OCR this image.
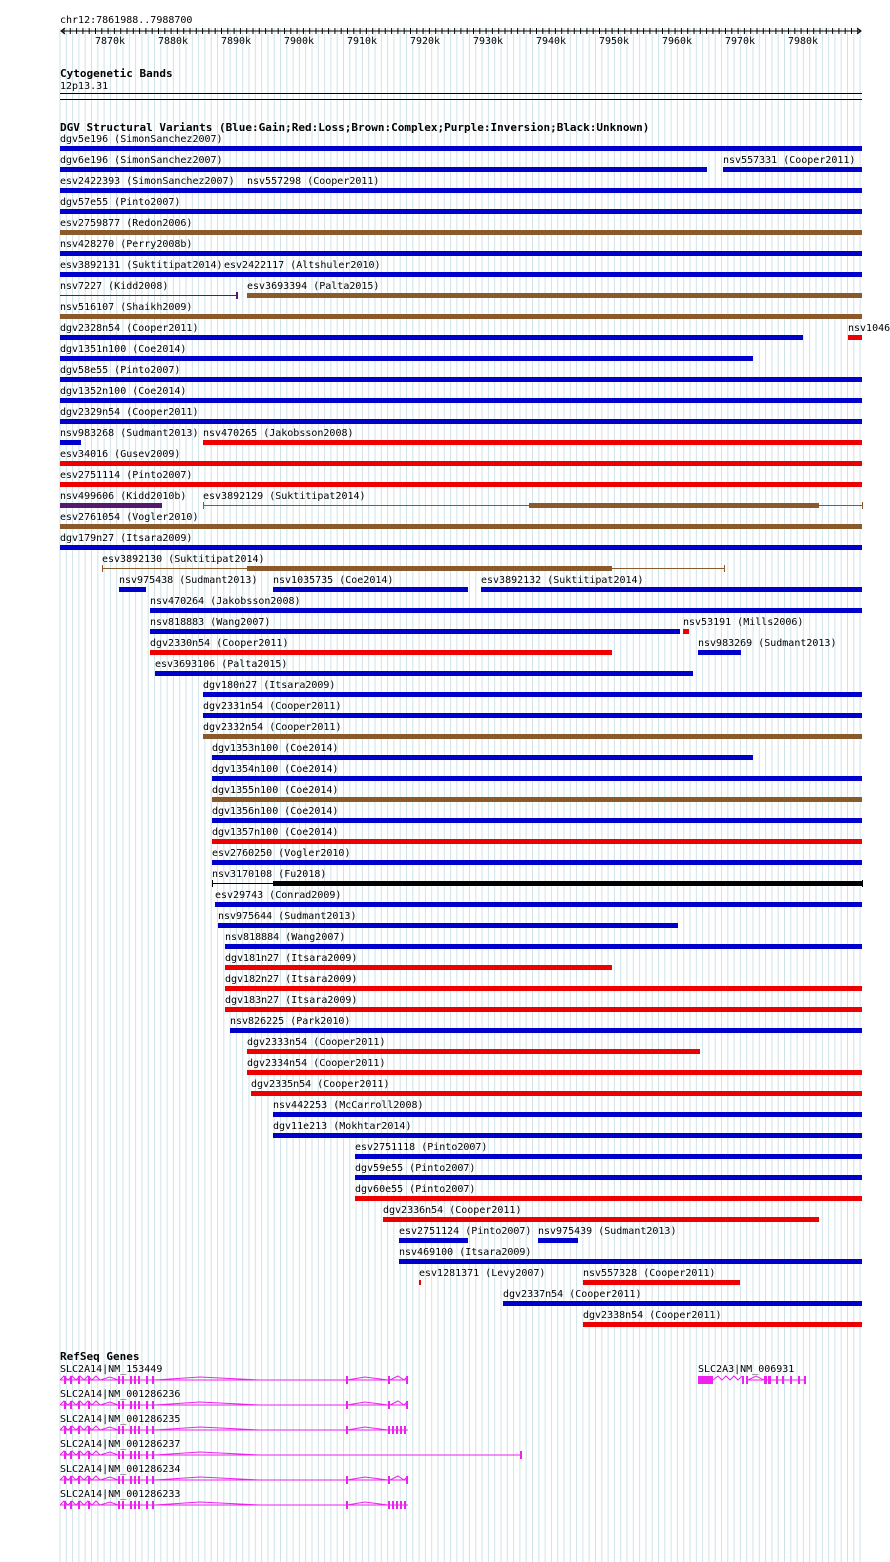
chr12:7861988..7988700
7870k	7880k	7890k	7900k	7910k	7920k	7930k	7940k	7950k	7960k	7970k	7980k
Cytogenetic Bands
12p13.31
DGV Structural Variants (Blue:Gain;Red:Loss;Brown:Complex;Purple:Inversion;Black:Unknown)
dgv5e196 (SimonSanchez2007)
dgv6e196 (SimonSanchez2007)	nsv557331 (Cooper2011)
esv2422393 (SimonSanchez2007) nsv557298 (Cooper2011)
dgv57e55 (Pinto2007)
esv2759877 (Redon2006)
nsv428270 (Perry2008b)
esv3892131 (Suktitipat2014) esv2422117 (Altshuler2010)
nsv7227 (Kidd2008)	esv3693394 (Palta2015)
nsv516107 (Shaikh2009)
dgv2328n54 (Cooper2011)	nsv1046
dgv1351n100 (Coe2014)
dgv58e55 (Pinto2007)
dgv1352n100 (Coe2014)
dgv2329n54 (Cooper2011)
nsv983268 (Sudmant2013) nsv470265 (Jakobsson2008)
esv34016 (Gusev2009)
esv2751114 (Pinto2007)
nsv499606 (Kidd2010b) esv3892129 (Suktitipat2014)
esv2761054 (Vogler2010)
dgv179n27 (Itsara2009)
esv3892130 (Suktitipat2014)
nsv975438 (Sudmant2013) nsv1035735 (Coe2014)	esv3892132 (Suktitipat2014)
nsv470264 (Jakobsson2008)
nsv818883 (Wang2007)	nsv53191 (Mills2006)
dgv2330n54 (Cooper2011)	nsv983269 (Sudmant2013)
esv3693106 (Palta2015)
dgv180n27 (Itsara2009)
dgv2331n54 (Cooper2011)
dgv2332n54 (Cooper2011)
dgv1353n100 (Coe2014)
dgv1354n100 (Coe2014)
dgv1355n100 (Coe2014)
dgv1356n100 (Coe2014)
dgv1357n100 (Coe2014)
esv2760250 (Vogler2010)
nsv3170108 (Fu2018)
esv29743 (Conrad2009)
nsv975644 (Sudmant2013)
nsv818884 (Wang2007)
dgv181n27 (Itsara2009)
dgv182n27 (Itsara2009)
dgv183n27 (Itsara2009)
nsv826225 (Park2010)
dgv2333n54 (Cooper2011)
dgv2334n54 (Cooper2011)
dgv2335n54 (Cooper2011)
nsv442253 (McCarroll2008)
dgv11e213 (Mokhtar2014)
esv2751118 (Pinto2007)
dgv59e55 (Pinto2007)
dgv60e55 (Pinto2007)
dgv2336n54 (Cooper2011)
esv2751124 (Pinto2007) nsv975439 (Sudmant2013)
nsv469100 (Itsara2009)
esv1281371 (Levy2007)	nsv557328 (Cooper2011)
dgv2337n54 (Cooper2011)
dgv2338n54 (Cooper2011)
RefSeq Genes
SLC2A14|NM_153449	SLC2A3|NM_006931
SLC2A14|NM_001286236
SLC2A14|NM_001286235
SLC2A14|NM_001286237
SLC2A14|NM_001286234
SLC2A14|NM_001286233
